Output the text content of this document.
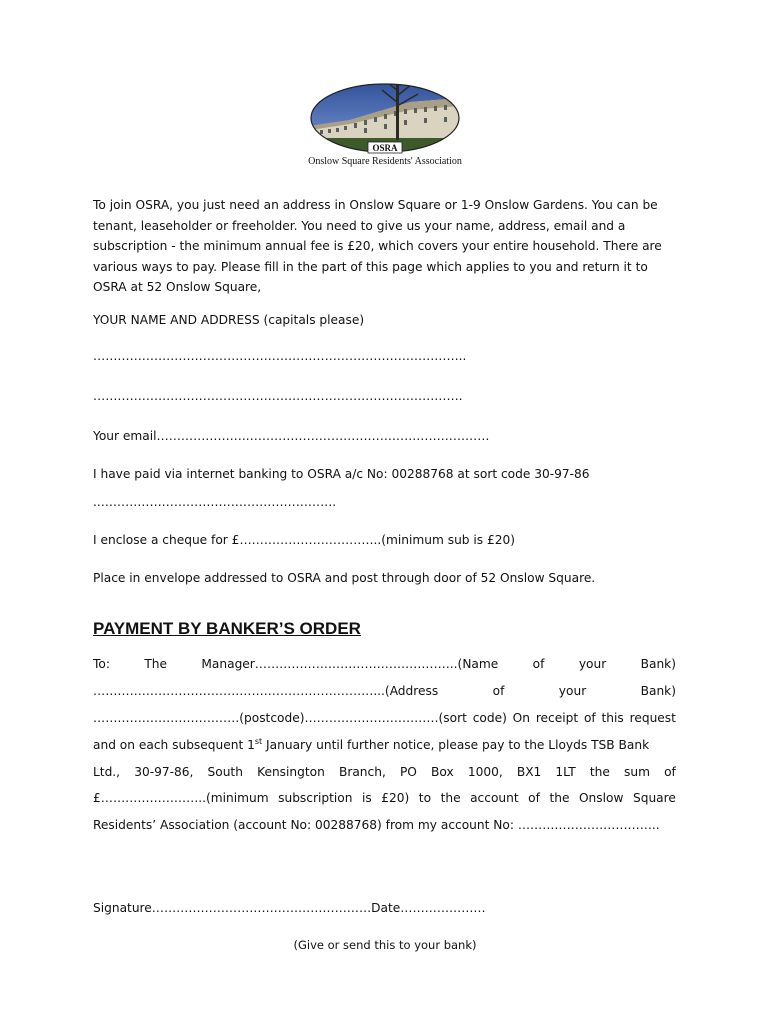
OSRA
Onslow Square Residents' Association
To join OSRA, you just need an address in Onslow Square or 1-9 Onslow Gardens. You can be tenant, leaseholder or freeholder. You need to give us your name, address, email and a subscription - the minimum annual fee is £20, which covers your entire household. There are various ways to pay. Please fill in the part of this page which applies to you and return it to OSRA at 52 Onslow Square,
YOUR NAME AND ADDRESS (capitals please)
………………………………………………………………………………..
……………………………………………………………………………….
Your email………………….……………………………………………………
I have paid via internet banking to OSRA a/c No: 00288768 at sort code 30-97-86
..………………………………………………….
I enclose a cheque for £……………………………..(minimum sub is £20)
Place in envelope addressed to OSRA and post through door of 52 Onslow Square.
PAYMENT BY BANKER’S ORDER
To:	The	Manager…………………………………………..(Name	of	your	Bank)
……………………………………………………………...(Address	of	your	Bank)
………………………………(postcode)……………………………(sort code) On receipt of this request
and on each subsequent 1st January until further notice, please pay to the Lloyds TSB Bank
Ltd., 30-97-86, South Kensington Branch, PO Box 1000, BX1 1LT the sum of
£……………………..(minimum subscription is £20) to the account of the Onslow Square
Residents’ Association (account No: 00288768) from my account No: ……………………………..
Signature………………………………………………Date…………………
(Give or send this to your bank)
